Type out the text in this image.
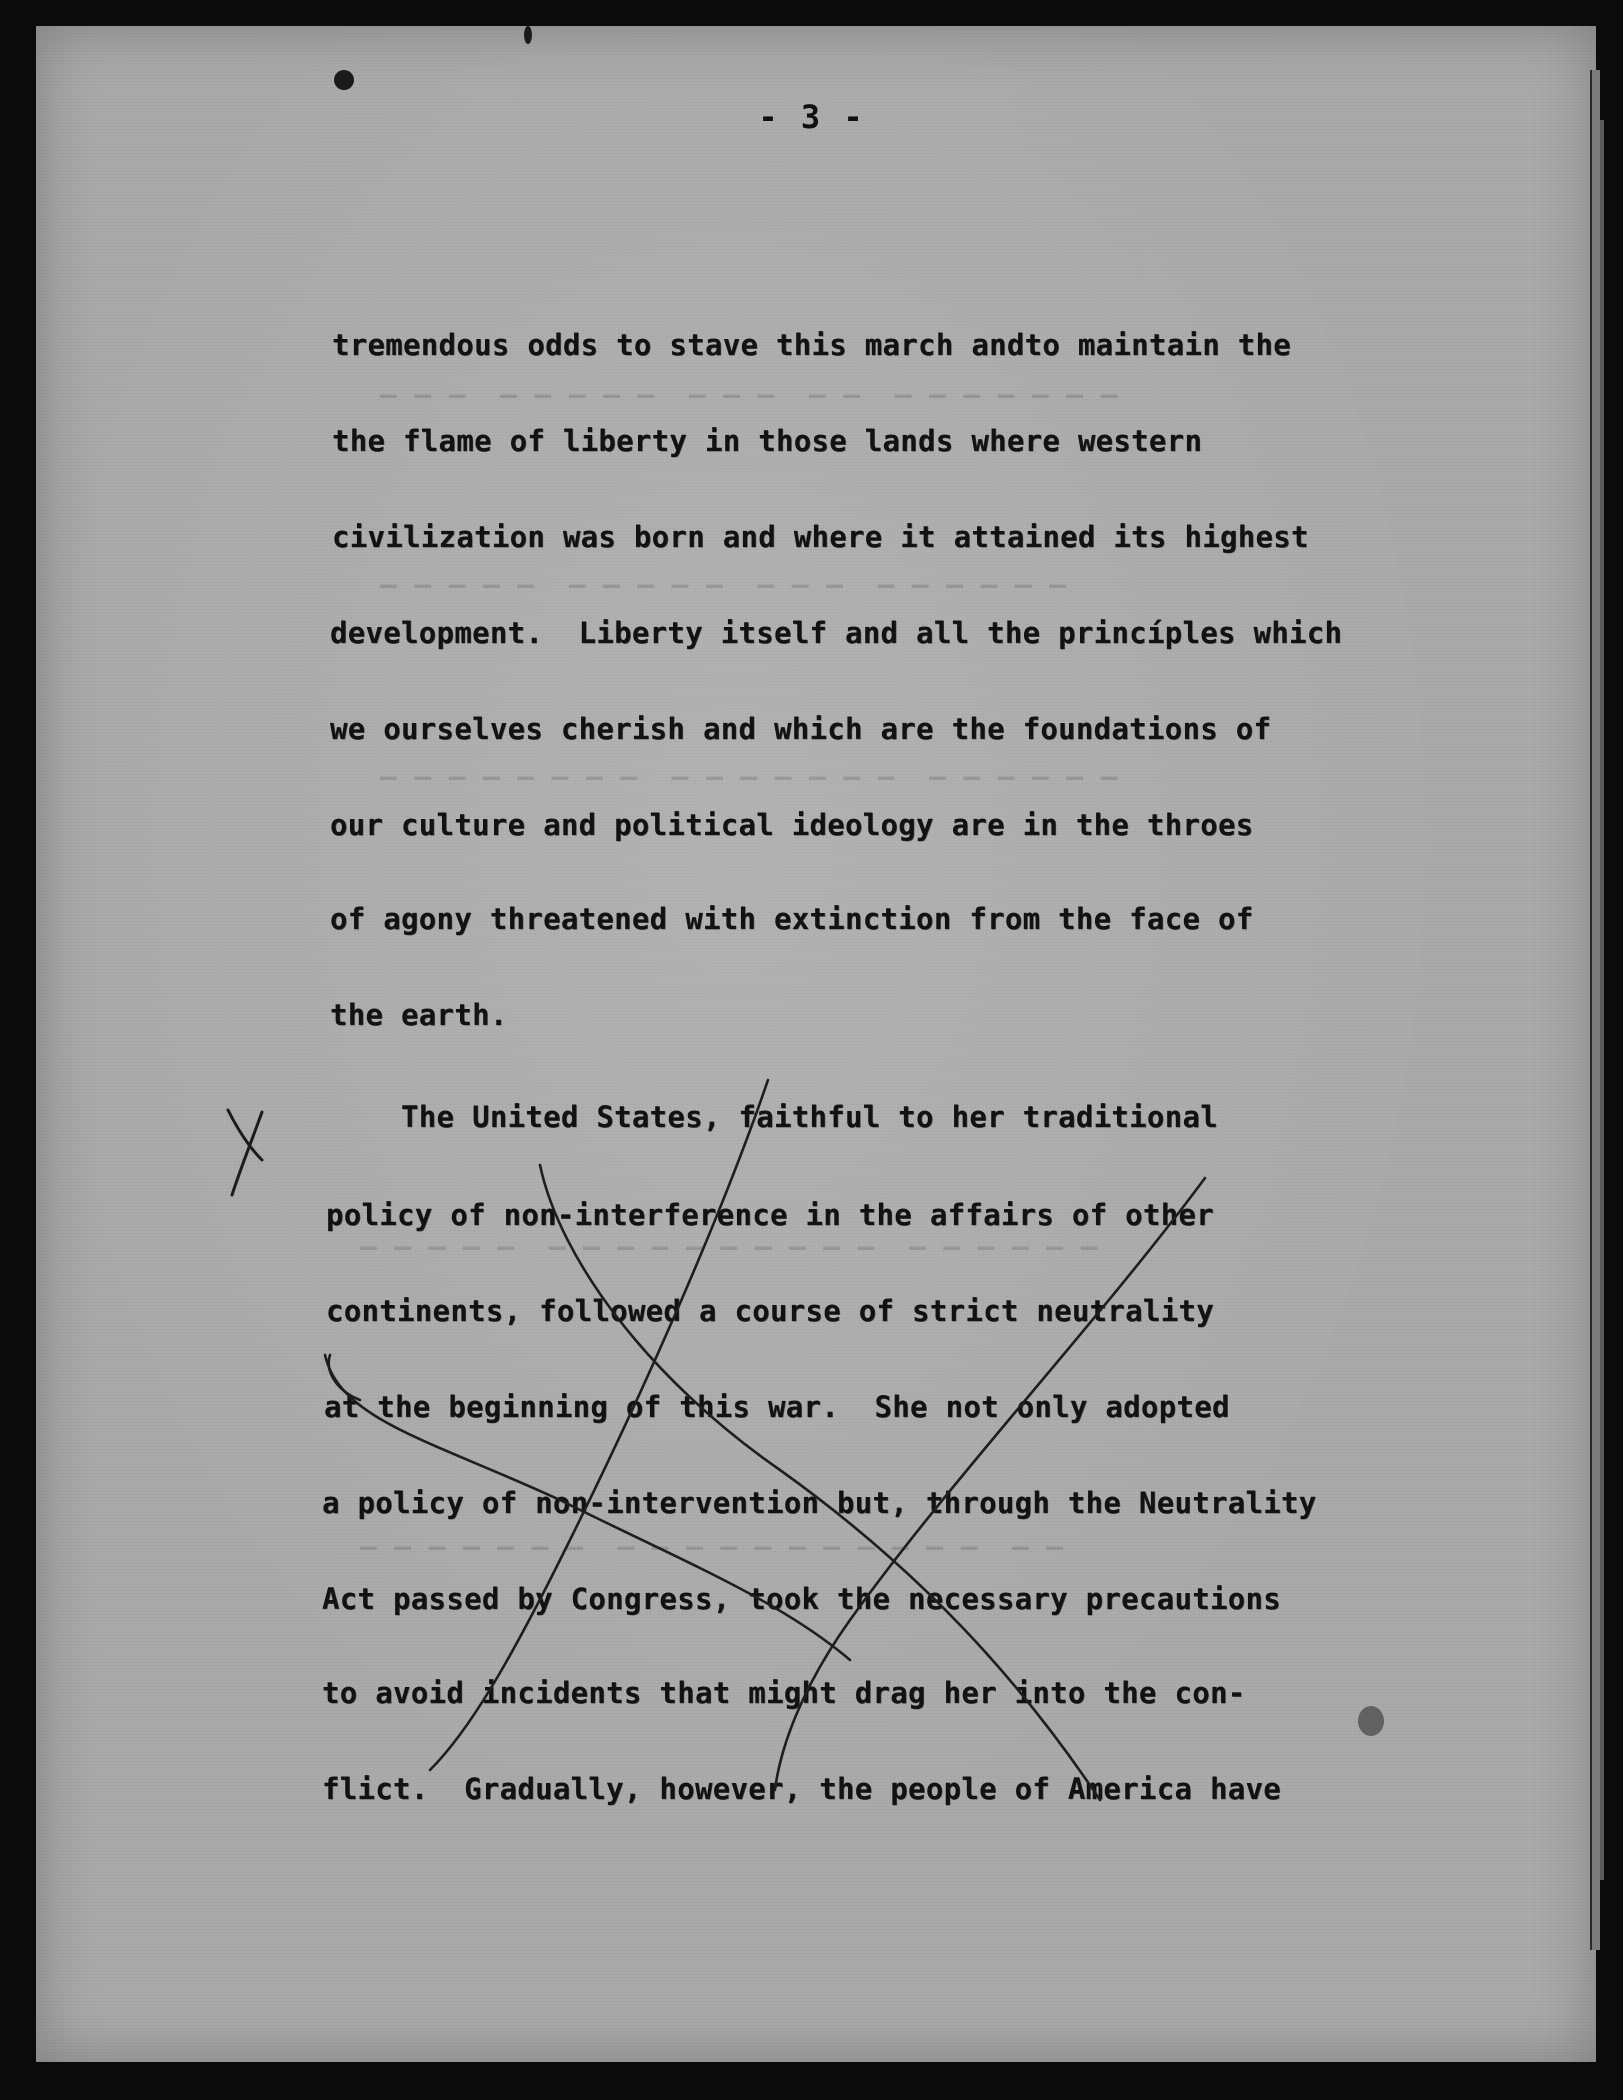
— — —  — — — — —  — — —  — —  — — — — — — —
— — — — —  — — — — —  — — —  — — — — — —
— — — — — — — —  — — — — — — —  — — — — — —
— — — — —  — — — — — — — — — —  — — — — — —
— — — — — — —  — — — — — — — — — — —  — —
- 3 -
tremendous odds to stave this march andto maintain the
the flame of liberty in those lands where western
civilization was born and where it attained its highest
development.  Liberty itself and all the princíples which
we ourselves cherish and which are the foundations of
our culture and political ideology are in the throes
of agony threatened with extinction from the face of
the earth.
The United States, faithful to her traditional
policy of non-interference in the affairs of other
continents, followed a course of strict neutrality
at the beginning of this war.  She not only adopted
a policy of non-intervention but, through the Neutrality
Act passed by Congress, took the necessary precautions
to avoid incidents that might drag her into the con-
flict.  Gradually, however, the people of America have
